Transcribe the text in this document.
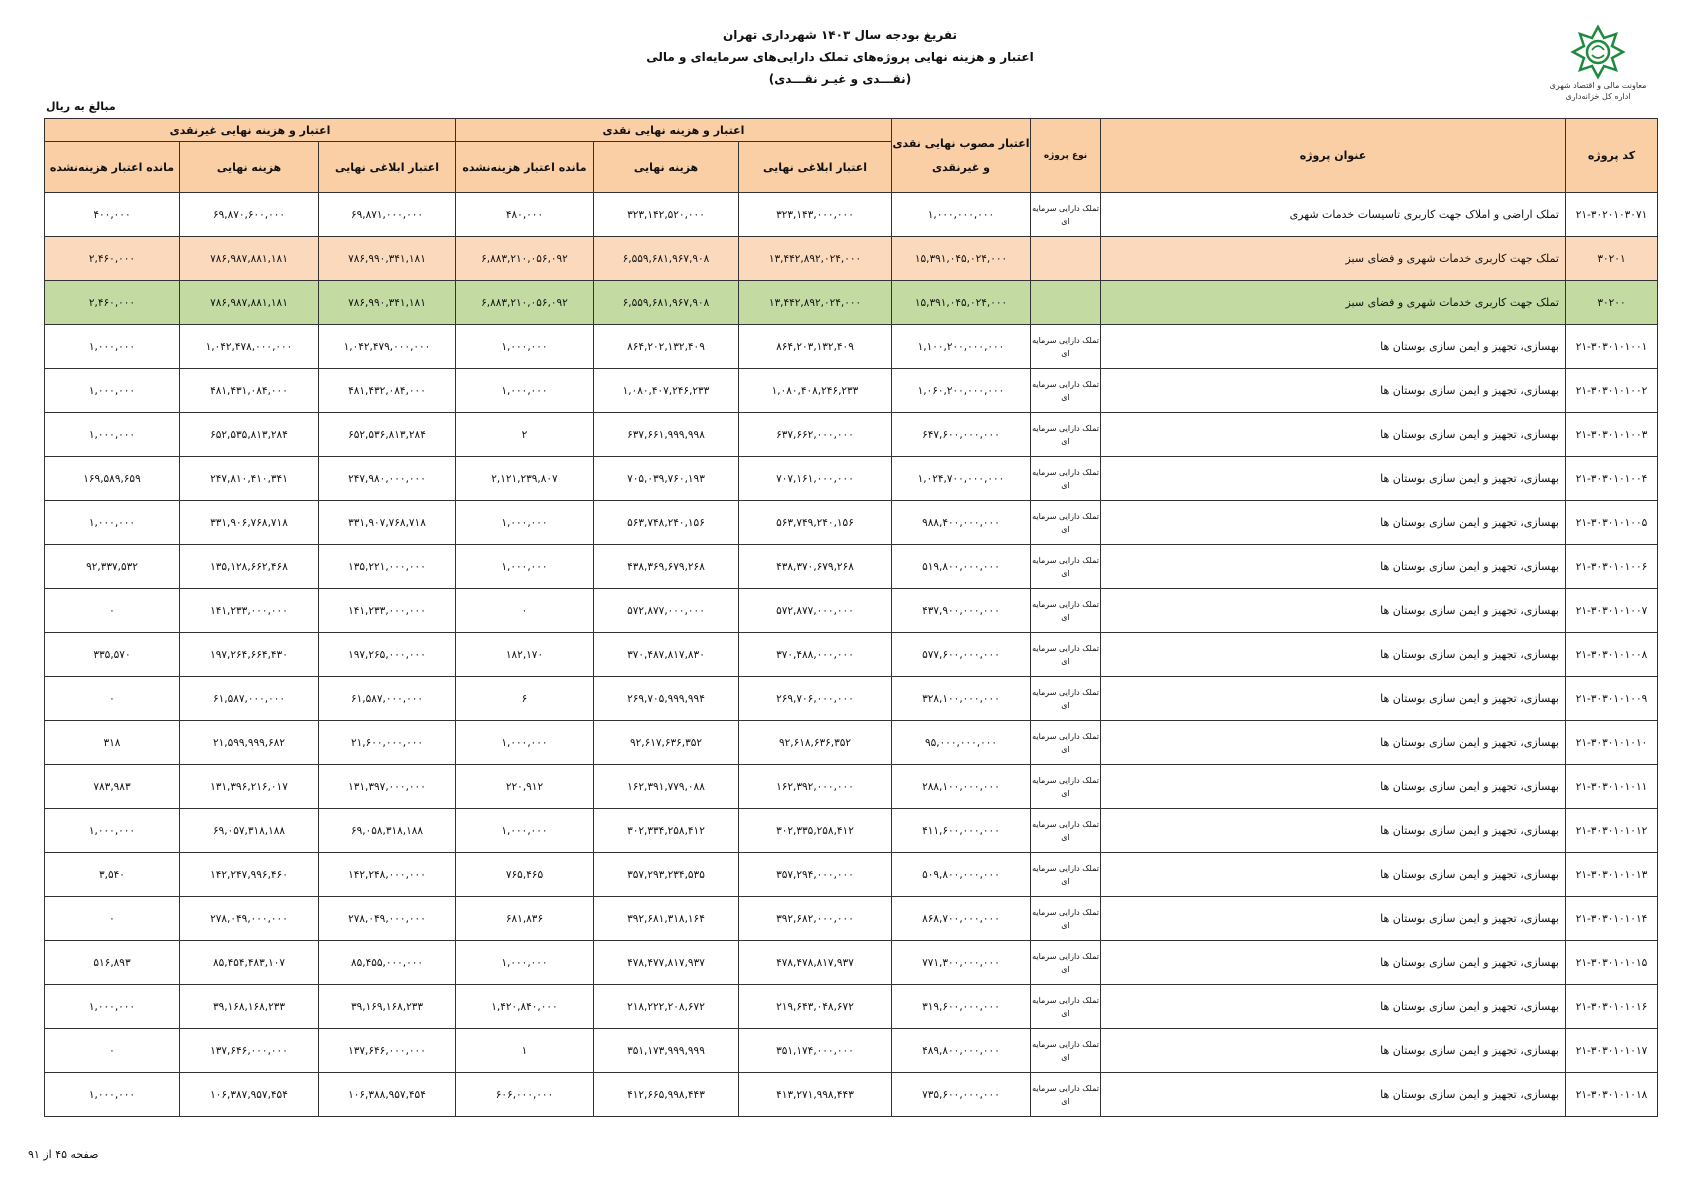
تفریغ بودجه سال ۱۴۰۳ شهرداری تهران
اعتبار و هزینه نهایی پروژه‌های تملک دارایی‌های سرمایه‌ای و مالی
(نقـــدی و غیـر نقـــدی)	معاونت مالی و اقتصاد شهری
اداره کل خزانه‌داری
مبالغ به ریال
کد پروژه	عنوان پروژه	نوع پروژه	اعتبار مصوب نهایی نقدی و غیرنقدی	اعتبار و هزینه نهایی نقدی			اعتبار و هزینه نهایی غیرنقدی		
				اعتبار ابلاغی نهایی	هزینه نهایی	مانده اعتبار هزینه‌نشده	اعتبار ابلاغی نهایی	هزینه نهایی	مانده اعتبار هزینه‌نشده
۲۱-۳۰۲۰۱۰۳۰۷۱	تملک اراضی و املاک جهت کاربری تاسیسات خدمات شهری	تملک دارایی سرمایه ای	۱,۰۰۰,۰۰۰,۰۰۰	۳۲۳,۱۴۳,۰۰۰,۰۰۰	۳۲۳,۱۴۲,۵۲۰,۰۰۰	۴۸۰,۰۰۰	۶۹,۸۷۱,۰۰۰,۰۰۰	۶۹,۸۷۰,۶۰۰,۰۰۰	۴۰۰,۰۰۰
۳۰۲۰۱	تملک جهت کاربری خدمات شهری و فضای سبز		۱۵,۳۹۱,۰۴۵,۰۲۴,۰۰۰	۱۳,۴۴۲,۸۹۲,۰۲۴,۰۰۰	۶,۵۵۹,۶۸۱,۹۶۷,۹۰۸	۶,۸۸۳,۲۱۰,۰۵۶,۰۹۲	۷۸۶,۹۹۰,۳۴۱,۱۸۱	۷۸۶,۹۸۷,۸۸۱,۱۸۱	۲,۴۶۰,۰۰۰
۳۰۲۰۰	تملک جهت کاربری خدمات شهری و فضای سبز		۱۵,۳۹۱,۰۴۵,۰۲۴,۰۰۰	۱۳,۴۴۲,۸۹۲,۰۲۴,۰۰۰	۶,۵۵۹,۶۸۱,۹۶۷,۹۰۸	۶,۸۸۳,۲۱۰,۰۵۶,۰۹۲	۷۸۶,۹۹۰,۳۴۱,۱۸۱	۷۸۶,۹۸۷,۸۸۱,۱۸۱	۲,۴۶۰,۰۰۰
۲۱-۳۰۳۰۱۰۱۰۰۱	بهسازی، تجهیز و ایمن سازی بوستان ها	تملک دارایی سرمایه ای	۱,۱۰۰,۲۰۰,۰۰۰,۰۰۰	۸۶۴,۲۰۳,۱۳۲,۴۰۹	۸۶۴,۲۰۲,۱۳۲,۴۰۹	۱,۰۰۰,۰۰۰	۱,۰۴۲,۴۷۹,۰۰۰,۰۰۰	۱,۰۴۲,۴۷۸,۰۰۰,۰۰۰	۱,۰۰۰,۰۰۰
۲۱-۳۰۳۰۱۰۱۰۰۲	بهسازی، تجهیز و ایمن سازی بوستان ها	تملک دارایی سرمایه ای	۱,۰۶۰,۲۰۰,۰۰۰,۰۰۰	۱,۰۸۰,۴۰۸,۲۴۶,۲۳۳	۱,۰۸۰,۴۰۷,۲۴۶,۲۳۳	۱,۰۰۰,۰۰۰	۴۸۱,۴۳۲,۰۸۴,۰۰۰	۴۸۱,۴۳۱,۰۸۴,۰۰۰	۱,۰۰۰,۰۰۰
۲۱-۳۰۳۰۱۰۱۰۰۳	بهسازی، تجهیز و ایمن سازی بوستان ها	تملک دارایی سرمایه ای	۶۴۷,۶۰۰,۰۰۰,۰۰۰	۶۳۷,۶۶۲,۰۰۰,۰۰۰	۶۳۷,۶۶۱,۹۹۹,۹۹۸	۲	۶۵۲,۵۳۶,۸۱۳,۲۸۴	۶۵۲,۵۳۵,۸۱۳,۲۸۴	۱,۰۰۰,۰۰۰
۲۱-۳۰۳۰۱۰۱۰۰۴	بهسازی، تجهیز و ایمن سازی بوستان ها	تملک دارایی سرمایه ای	۱,۰۲۴,۷۰۰,۰۰۰,۰۰۰	۷۰۷,۱۶۱,۰۰۰,۰۰۰	۷۰۵,۰۳۹,۷۶۰,۱۹۳	۲,۱۲۱,۲۳۹,۸۰۷	۲۴۷,۹۸۰,۰۰۰,۰۰۰	۲۴۷,۸۱۰,۴۱۰,۳۴۱	۱۶۹,۵۸۹,۶۵۹
۲۱-۳۰۳۰۱۰۱۰۰۵	بهسازی، تجهیز و ایمن سازی بوستان ها	تملک دارایی سرمایه ای	۹۸۸,۴۰۰,۰۰۰,۰۰۰	۵۶۳,۷۴۹,۲۴۰,۱۵۶	۵۶۳,۷۴۸,۲۴۰,۱۵۶	۱,۰۰۰,۰۰۰	۳۳۱,۹۰۷,۷۶۸,۷۱۸	۳۳۱,۹۰۶,۷۶۸,۷۱۸	۱,۰۰۰,۰۰۰
۲۱-۳۰۳۰۱۰۱۰۰۶	بهسازی، تجهیز و ایمن سازی بوستان ها	تملک دارایی سرمایه ای	۵۱۹,۸۰۰,۰۰۰,۰۰۰	۴۳۸,۳۷۰,۶۷۹,۲۶۸	۴۳۸,۳۶۹,۶۷۹,۲۶۸	۱,۰۰۰,۰۰۰	۱۳۵,۲۲۱,۰۰۰,۰۰۰	۱۳۵,۱۲۸,۶۶۲,۴۶۸	۹۲,۳۳۷,۵۳۲
۲۱-۳۰۳۰۱۰۱۰۰۷	بهسازی، تجهیز و ایمن سازی بوستان ها	تملک دارایی سرمایه ای	۴۳۷,۹۰۰,۰۰۰,۰۰۰	۵۷۲,۸۷۷,۰۰۰,۰۰۰	۵۷۲,۸۷۷,۰۰۰,۰۰۰	۰	۱۴۱,۲۳۳,۰۰۰,۰۰۰	۱۴۱,۲۳۳,۰۰۰,۰۰۰	۰
۲۱-۳۰۳۰۱۰۱۰۰۸	بهسازی، تجهیز و ایمن سازی بوستان ها	تملک دارایی سرمایه ای	۵۷۷,۶۰۰,۰۰۰,۰۰۰	۳۷۰,۴۸۸,۰۰۰,۰۰۰	۳۷۰,۴۸۷,۸۱۷,۸۳۰	۱۸۲,۱۷۰	۱۹۷,۲۶۵,۰۰۰,۰۰۰	۱۹۷,۲۶۴,۶۶۴,۴۳۰	۳۳۵,۵۷۰
۲۱-۳۰۳۰۱۰۱۰۰۹	بهسازی، تجهیز و ایمن سازی بوستان ها	تملک دارایی سرمایه ای	۳۲۸,۱۰۰,۰۰۰,۰۰۰	۲۶۹,۷۰۶,۰۰۰,۰۰۰	۲۶۹,۷۰۵,۹۹۹,۹۹۴	۶	۶۱,۵۸۷,۰۰۰,۰۰۰	۶۱,۵۸۷,۰۰۰,۰۰۰	۰
۲۱-۳۰۳۰۱۰۱۰۱۰	بهسازی، تجهیز و ایمن سازی بوستان ها	تملک دارایی سرمایه ای	۹۵,۰۰۰,۰۰۰,۰۰۰	۹۲,۶۱۸,۶۳۶,۳۵۲	۹۲,۶۱۷,۶۳۶,۳۵۲	۱,۰۰۰,۰۰۰	۲۱,۶۰۰,۰۰۰,۰۰۰	۲۱,۵۹۹,۹۹۹,۶۸۲	۳۱۸
۲۱-۳۰۳۰۱۰۱۰۱۱	بهسازی، تجهیز و ایمن سازی بوستان ها	تملک دارایی سرمایه ای	۲۸۸,۱۰۰,۰۰۰,۰۰۰	۱۶۲,۳۹۲,۰۰۰,۰۰۰	۱۶۲,۳۹۱,۷۷۹,۰۸۸	۲۲۰,۹۱۲	۱۳۱,۳۹۷,۰۰۰,۰۰۰	۱۳۱,۳۹۶,۲۱۶,۰۱۷	۷۸۳,۹۸۳
۲۱-۳۰۳۰۱۰۱۰۱۲	بهسازی، تجهیز و ایمن سازی بوستان ها	تملک دارایی سرمایه ای	۴۱۱,۶۰۰,۰۰۰,۰۰۰	۳۰۲,۳۳۵,۲۵۸,۴۱۲	۳۰۲,۳۳۴,۲۵۸,۴۱۲	۱,۰۰۰,۰۰۰	۶۹,۰۵۸,۳۱۸,۱۸۸	۶۹,۰۵۷,۳۱۸,۱۸۸	۱,۰۰۰,۰۰۰
۲۱-۳۰۳۰۱۰۱۰۱۳	بهسازی، تجهیز و ایمن سازی بوستان ها	تملک دارایی سرمایه ای	۵۰۹,۸۰۰,۰۰۰,۰۰۰	۳۵۷,۲۹۴,۰۰۰,۰۰۰	۳۵۷,۲۹۳,۲۳۴,۵۳۵	۷۶۵,۴۶۵	۱۴۲,۲۴۸,۰۰۰,۰۰۰	۱۴۲,۲۴۷,۹۹۶,۴۶۰	۳,۵۴۰
۲۱-۳۰۳۰۱۰۱۰۱۴	بهسازی، تجهیز و ایمن سازی بوستان ها	تملک دارایی سرمایه ای	۸۶۸,۷۰۰,۰۰۰,۰۰۰	۳۹۲,۶۸۲,۰۰۰,۰۰۰	۳۹۲,۶۸۱,۳۱۸,۱۶۴	۶۸۱,۸۳۶	۲۷۸,۰۴۹,۰۰۰,۰۰۰	۲۷۸,۰۴۹,۰۰۰,۰۰۰	۰
۲۱-۳۰۳۰۱۰۱۰۱۵	بهسازی، تجهیز و ایمن سازی بوستان ها	تملک دارایی سرمایه ای	۷۷۱,۳۰۰,۰۰۰,۰۰۰	۴۷۸,۴۷۸,۸۱۷,۹۳۷	۴۷۸,۴۷۷,۸۱۷,۹۳۷	۱,۰۰۰,۰۰۰	۸۵,۴۵۵,۰۰۰,۰۰۰	۸۵,۴۵۴,۴۸۳,۱۰۷	۵۱۶,۸۹۳
۲۱-۳۰۳۰۱۰۱۰۱۶	بهسازی، تجهیز و ایمن سازی بوستان ها	تملک دارایی سرمایه ای	۳۱۹,۶۰۰,۰۰۰,۰۰۰	۲۱۹,۶۴۳,۰۴۸,۶۷۲	۲۱۸,۲۲۲,۲۰۸,۶۷۲	۱,۴۲۰,۸۴۰,۰۰۰	۳۹,۱۶۹,۱۶۸,۲۳۳	۳۹,۱۶۸,۱۶۸,۲۳۳	۱,۰۰۰,۰۰۰
۲۱-۳۰۳۰۱۰۱۰۱۷	بهسازی، تجهیز و ایمن سازی بوستان ها	تملک دارایی سرمایه ای	۴۸۹,۸۰۰,۰۰۰,۰۰۰	۳۵۱,۱۷۴,۰۰۰,۰۰۰	۳۵۱,۱۷۳,۹۹۹,۹۹۹	۱	۱۳۷,۶۴۶,۰۰۰,۰۰۰	۱۳۷,۶۴۶,۰۰۰,۰۰۰	۰
۲۱-۳۰۳۰۱۰۱۰۱۸	بهسازی، تجهیز و ایمن سازی بوستان ها	تملک دارایی سرمایه ای	۷۳۵,۶۰۰,۰۰۰,۰۰۰	۴۱۳,۲۷۱,۹۹۸,۴۴۳	۴۱۲,۶۶۵,۹۹۸,۴۴۳	۶۰۶,۰۰۰,۰۰۰	۱۰۶,۳۸۸,۹۵۷,۴۵۴	۱۰۶,۳۸۷,۹۵۷,۴۵۴	۱,۰۰۰,۰۰۰
صفحه ۴۵ از ۹۱
